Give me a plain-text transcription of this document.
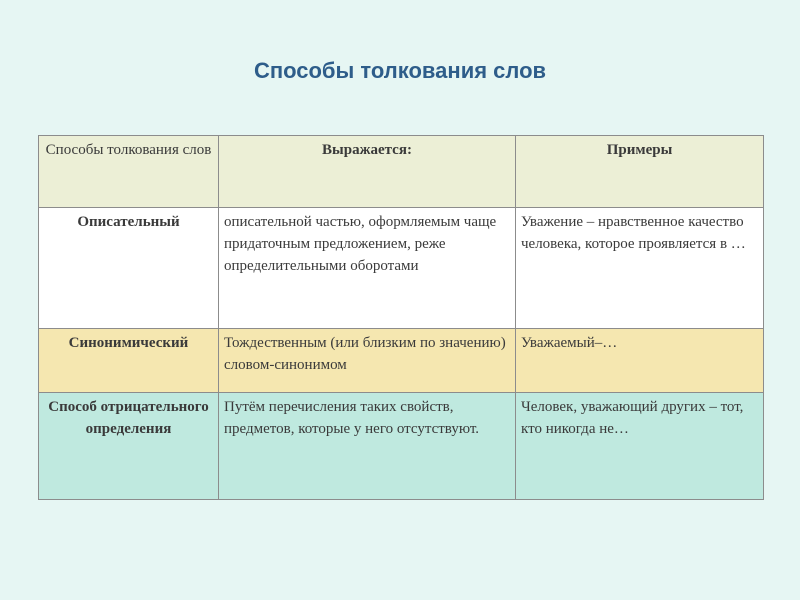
Способы толкования слов
Способы толкования слов	Выражается:	Примеры
Описательный	описательной частью, оформляемым чаще придаточным предложением, реже определительными оборотами	Уважение – нравственное качество человека, которое проявляется в …
Синонимический	Тождественным (или близким по значению) словом-синонимом	Уважаемый–…
Способ отрицательного определения	Путём перечисления таких свойств, предметов, которые у него отсутствуют.	Человек, уважающий других – тот, кто никогда не…
